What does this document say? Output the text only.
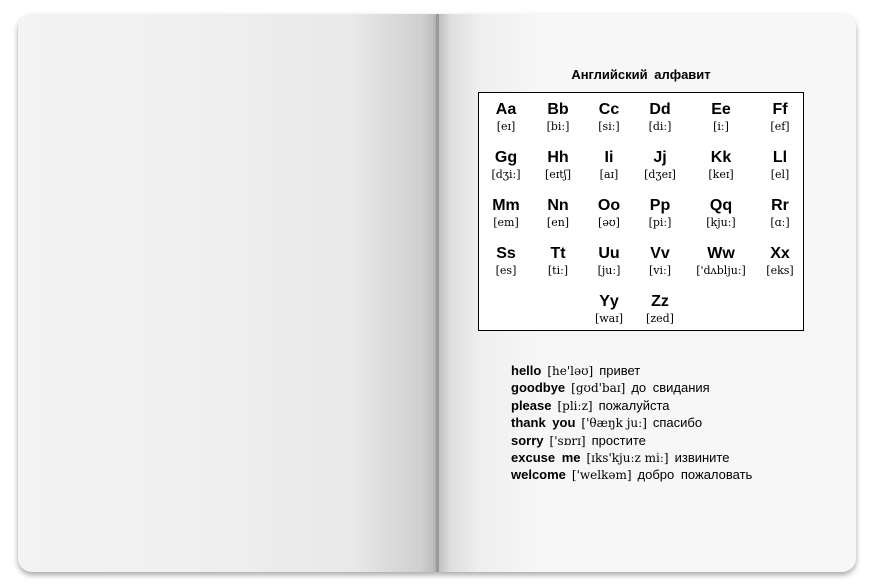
Английский алфавит
Aa
[eɪ]
Bb
[biː]
Cc
[siː]
Dd
[diː]
Ee
[iː]
Ff
[ef]
Gg
[dʒiː]
Hh
[eɪtʃ]
Ii
[aɪ]
Jj
[dʒeɪ]
Kk
[keɪ]
Ll
[el]
Mm
[em]
Nn
[en]
Oo
[əʊ]
Pp
[piː]
Qq
[kjuː]
Rr
[ɑː]
Ss
[es]
Tt
[tiː]
Uu
[juː]
Vv
[viː]
Ww
['dʌbljuː]
Xx
[eks]
Yy
[waɪ]
Zz
[zed]
hello [he'ləʊ] привет
goodbye [gʊd'baɪ] до свидания
please [pliːz] пожалуйста
thank you ['θæŋk juː] спасибо
sorry ['sɒrɪ] простите
excuse me [ɪks'kjuːz miː] извините
welcome ['welkəm] добро пожаловать
